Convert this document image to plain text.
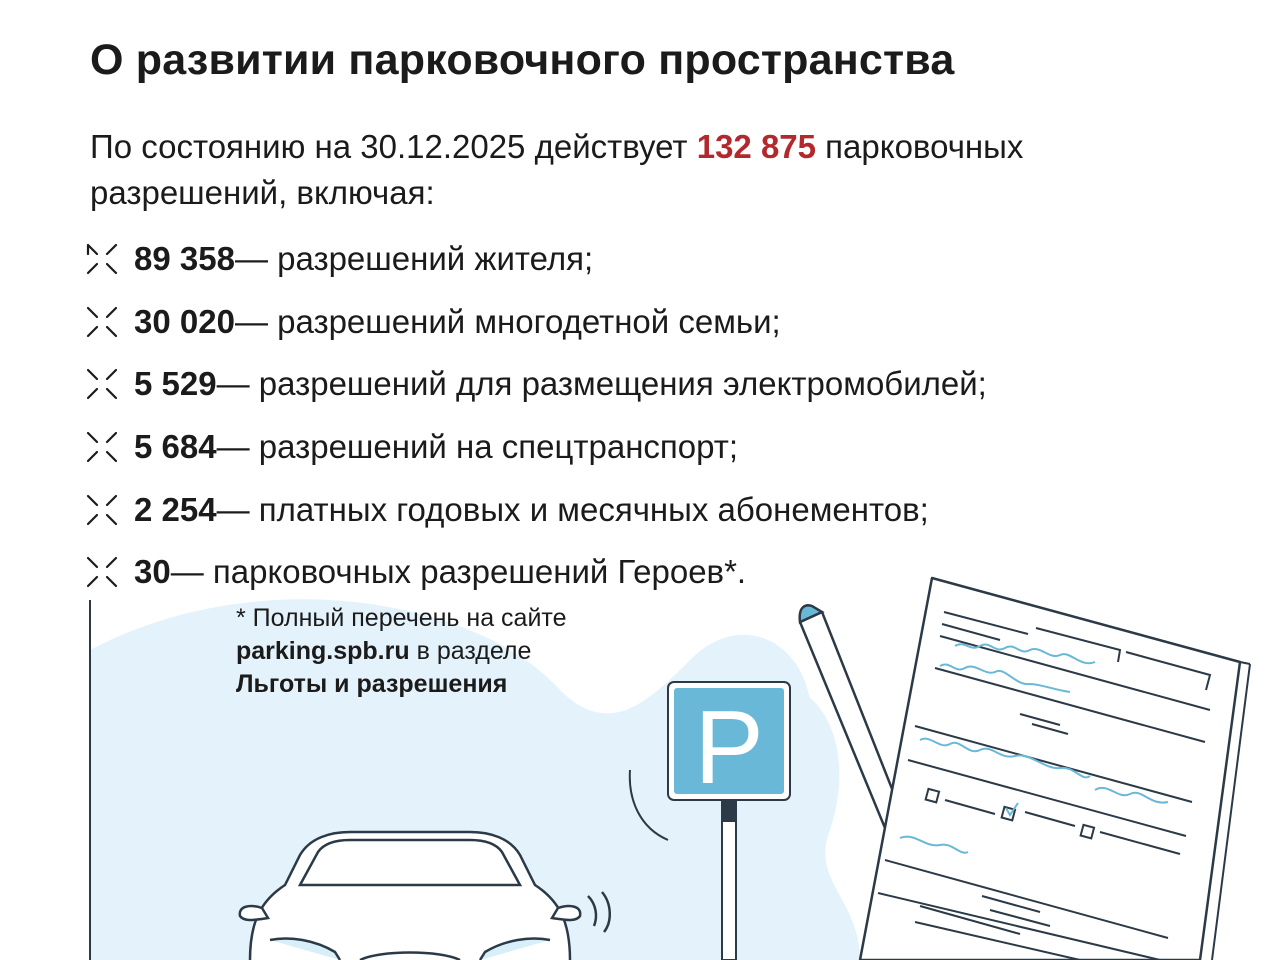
P
О развитии парковочного пространства

По состоянию на 30.12.2025 действует 132 875 парковочных разрешений, включая:

89 358 — разрешений жителя;
30 020 — разрешений многодетной семьи;
5 529 — разрешений для размещения электромобилей;
5 684 — разрешений на спецтранспорт;
2 254 — платных годовых и месячных абонементов;
30 — парковочных разрешений Героев*.

* Полный перечень на сайте
parking.spb.ru в разделе
Льготы и разрешения
